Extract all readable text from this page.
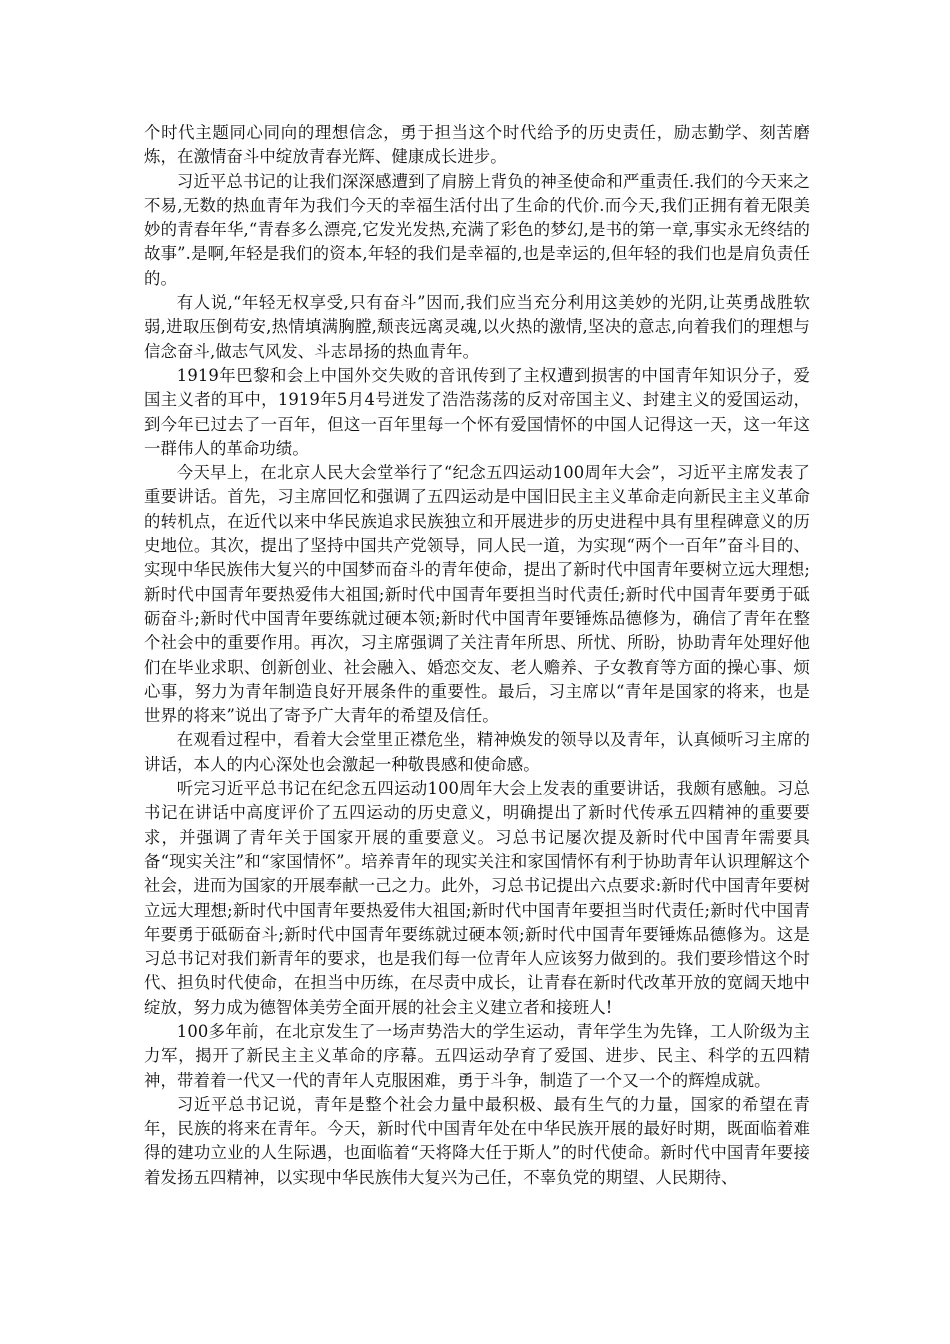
个时代主题同心同向的理想信念，勇于担当这个时代给予的历史责任，励志勤学、刻苦磨炼，在激情奋斗中绽放青春光辉、健康成长进步。

习近平总书记的让我们深深感遭到了肩膀上背负的神圣使命和严重责任.我们的今天来之不易,无数的热血青年为我们今天的幸福生活付出了生命的代价.而今天,我们正拥有着无限美妙的青春年华,“青春多么漂亮,它发光发热,充满了彩色的梦幻,是书的第一章,事实永无终结的故事”.是啊,年轻是我们的资本,年轻的我们是幸福的,也是幸运的,但年轻的我们也是肩负责任的。

有人说,“年轻无权享受,只有奋斗”因而,我们应当充分利用这美妙的光阴,让英勇战胜软弱,进取压倒苟安,热情填满胸膛,颓丧远离灵魂,以火热的激情,坚决的意志,向着我们的理想与信念奋斗,做志气风发、斗志昂扬的热血青年。

1919年巴黎和会上中国外交失败的音讯传到了主权遭到损害的中国青年知识分子，爱国主义者的耳中，1919年5月4号迸发了浩浩荡荡的反对帝国主义、封建主义的爱国运动，到今年已过去了一百年，但这一百年里每一个怀有爱国情怀的中国人记得这一天，这一年这一群伟人的革命功绩。

今天早上，在北京人民大会堂举行了“纪念五四运动100周年大会”，习近平主席发表了重要讲话。首先，习主席回忆和强调了五四运动是中国旧民主主义革命走向新民主主义革命的转机点，在近代以来中华民族追求民族独立和开展进步的历史进程中具有里程碑意义的历史地位。其次，提出了坚持中国共产党领导，同人民一道，为实现“两个一百年”奋斗目的、实现中华民族伟大复兴的中国梦而奋斗的青年使命，提出了新时代中国青年要树立远大理想;新时代中国青年要热爱伟大祖国;新时代中国青年要担当时代责任;新时代中国青年要勇于砥砺奋斗;新时代中国青年要练就过硬本领;新时代中国青年要锤炼品德修为，确信了青年在整个社会中的重要作用。再次，习主席强调了关注青年所思、所忧、所盼，协助青年处理好他们在毕业求职、创新创业、社会融入、婚恋交友、老人赡养、子女教育等方面的操心事、烦心事，努力为青年制造良好开展条件的重要性。最后，习主席以“青年是国家的将来，也是世界的将来”说出了寄予广大青年的希望及信任。

在观看过程中，看着大会堂里正襟危坐，精神焕发的领导以及青年，认真倾听习主席的讲话，本人的内心深处也会激起一种敬畏感和使命感。

听完习近平总书记在纪念五四运动100周年大会上发表的重要讲话，我颇有感触。习总书记在讲话中高度评价了五四运动的历史意义，明确提出了新时代传承五四精神的重要要求，并强调了青年关于国家开展的重要意义。习总书记屡次提及新时代中国青年需要具备“现实关注”和“家国情怀”。培养青年的现实关注和家国情怀有利于协助青年认识理解这个社会，进而为国家的开展奉献一己之力。此外，习总书记提出六点要求:新时代中国青年要树立远大理想;新时代中国青年要热爱伟大祖国;新时代中国青年要担当时代责任;新时代中国青年要勇于砥砺奋斗;新时代中国青年要练就过硬本领;新时代中国青年要锤炼品德修为。这是习总书记对我们新青年的要求，也是我们每一位青年人应该努力做到的。我们要珍惜这个时代、担负时代使命，在担当中历练，在尽责中成长，让青春在新时代改革开放的宽阔天地中绽放，努力成为德智体美劳全面开展的社会主义建立者和接班人!

100多年前，在北京发生了一场声势浩大的学生运动，青年学生为先锋，工人阶级为主力军，揭开了新民主主义革命的序幕。五四运动孕育了爱国、进步、民主、科学的五四精神，带着着一代又一代的青年人克服困难，勇于斗争，制造了一个又一个的辉煌成就。

习近平总书记说，青年是整个社会力量中最积极、最有生气的力量，国家的希望在青年，民族的将来在青年。今天，新时代中国青年处在中华民族开展的最好时期，既面临着难得的建功立业的人生际遇，也面临着“天将降大任于斯人”的时代使命。新时代中国青年要接着发扬五四精神，以实现中华民族伟大复兴为己任，不辜负党的期望、人民期待、
